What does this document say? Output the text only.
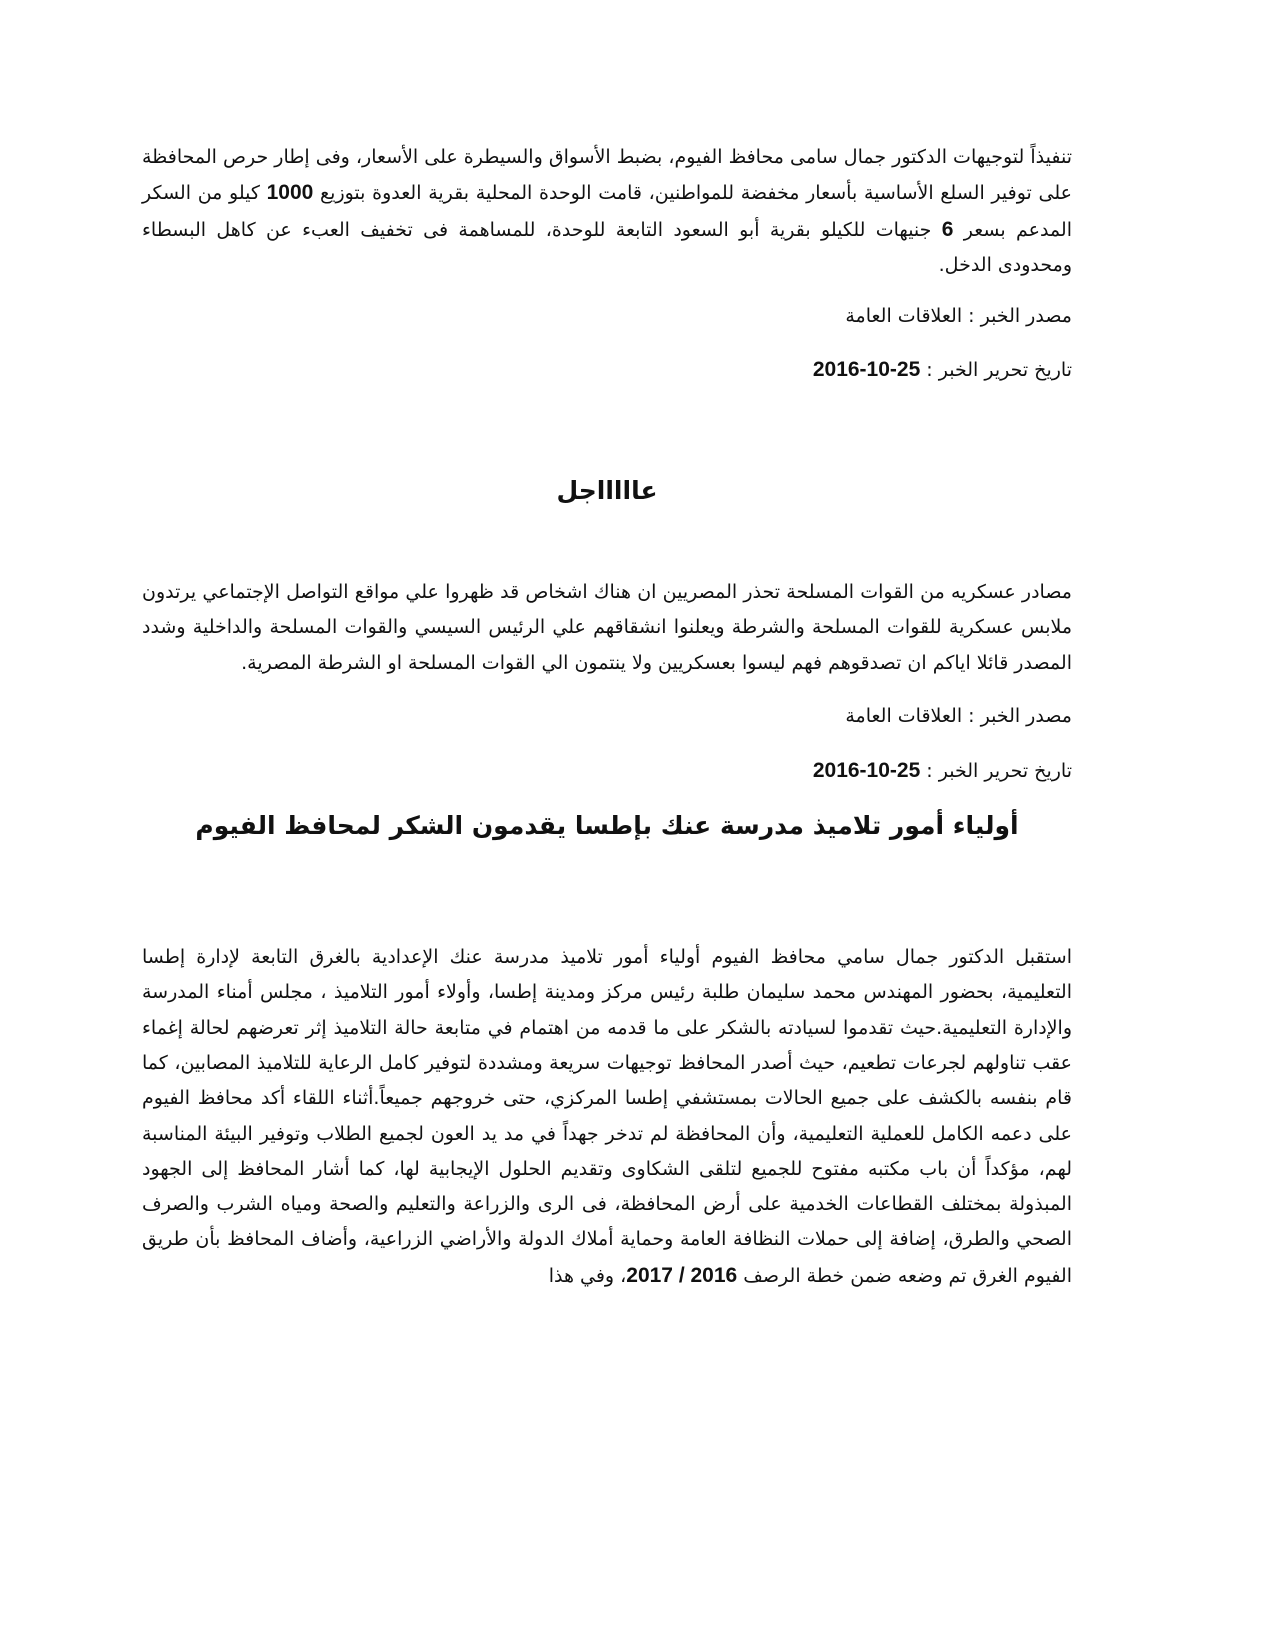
تنفيذاً لتوجيهات الدكتور جمال سامى محافظ الفيوم، بضبط الأسواق والسيطرة على الأسعار، وفى إطار حرص المحافظة على توفير السلع الأساسية بأسعار مخفضة للمواطنين، قامت الوحدة المحلية بقرية العدوة بتوزيع 1000 كيلو من السكر المدعم بسعر 6 جنيهات للكيلو بقرية أبو السعود التابعة للوحدة، للمساهمة فى تخفيف العبء عن كاهل البسطاء ومحدودى الدخل.

مصدر الخبر : العلاقات العامة

تاريخ تحرير الخبر : 2016-10-25

عاااااجل

مصادر عسكريه من القوات المسلحة تحذر المصريين ان هناك اشخاص قد ظهروا علي مواقع التواصل الإجتماعي يرتدون ملابس عسكرية للقوات المسلحة والشرطة ويعلنوا انشقاقهم علي الرئيس السيسي والقوات المسلحة والداخلية وشدد المصدر قائلا اياكم ان تصدقوهم فهم ليسوا بعسكريين ولا ينتمون الي القوات المسلحة او الشرطة المصرية.

مصدر الخبر : العلاقات العامة

تاريخ تحرير الخبر : 2016-10-25

أولياء أمور تلاميذ مدرسة عنك بإطسا يقدمون الشكر لمحافظ الفيوم

استقبل الدكتور جمال سامي محافظ الفيوم أولياء أمور تلاميذ مدرسة عنك الإعدادية بالغرق التابعة لإدارة إطسا التعليمية، بحضور المهندس محمد سليمان طلبة رئيس مركز ومدينة إطسا، وأولاء أمور التلاميذ ، مجلس أمناء المدرسة والإدارة التعليمية.حيث تقدموا لسيادته بالشكر على ما قدمه من اهتمام في متابعة حالة التلاميذ إثر تعرضهم لحالة إغماء عقب تناولهم لجرعات تطعيم، حيث أصدر المحافظ توجيهات سريعة ومشددة لتوفير كامل الرعاية للتلاميذ المصابين، كما قام بنفسه بالكشف على جميع الحالات بمستشفي إطسا المركزي، حتى خروجهم جميعاً.أثناء اللقاء أكد محافظ الفيوم على دعمه الكامل للعملية التعليمية، وأن المحافظة لم تدخر جهداً في مد يد العون لجميع الطلاب وتوفير البيئة المناسبة لهم، مؤكداً أن باب مكتبه مفتوح للجميع لتلقى الشكاوى وتقديم الحلول الإيجابية لها، كما أشار المحافظ إلى الجهود المبذولة بمختلف القطاعات الخدمية على أرض المحافظة، فى الرى والزراعة والتعليم والصحة ومياه الشرب والصرف الصحي والطرق، إضافة إلى حملات النظافة العامة وحماية أملاك الدولة والأراضي الزراعية، وأضاف المحافظ بأن طريق الفيوم الغرق تم وضعه ضمن خطة الرصف 2016 / 2017، وفي هذا
